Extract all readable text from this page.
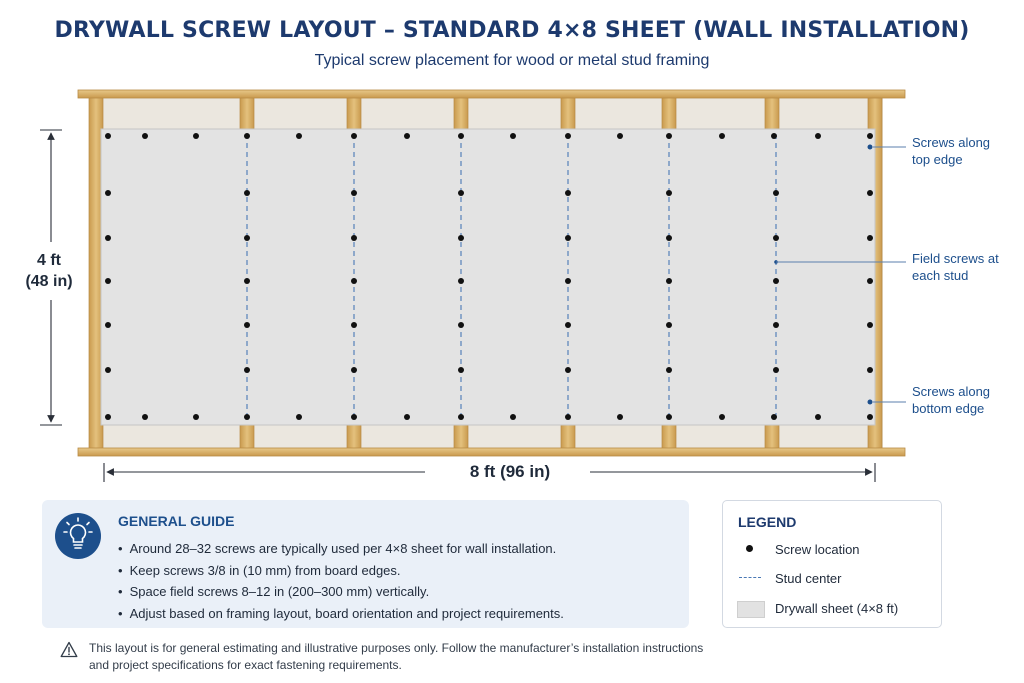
DRYWALL SCREW LAYOUT – STANDARD 4×8 SHEET (WALL INSTALLATION)
Typical screw placement for wood or metal stud framing
4 ft
(48 in)
8 ft (96 in)
Screws along
top edge
Field screws at
each stud
Screws along
bottom edge
GENERAL GUIDE
• Around 28–32 screws are typically used per 4×8 sheet for wall installation.
• Keep screws 3/8 in (10 mm) from board edges.
• Space field screws 8–12 in (200–300 mm) vertically.
• Adjust based on framing layout, board orientation and project requirements.
LEGEND
Screw location
Stud center
Drywall sheet (4×8 ft)
This layout is for general estimating and illustrative purposes only. Follow the manufacturer’s installation instructions
and project specifications for exact fastening requirements.
